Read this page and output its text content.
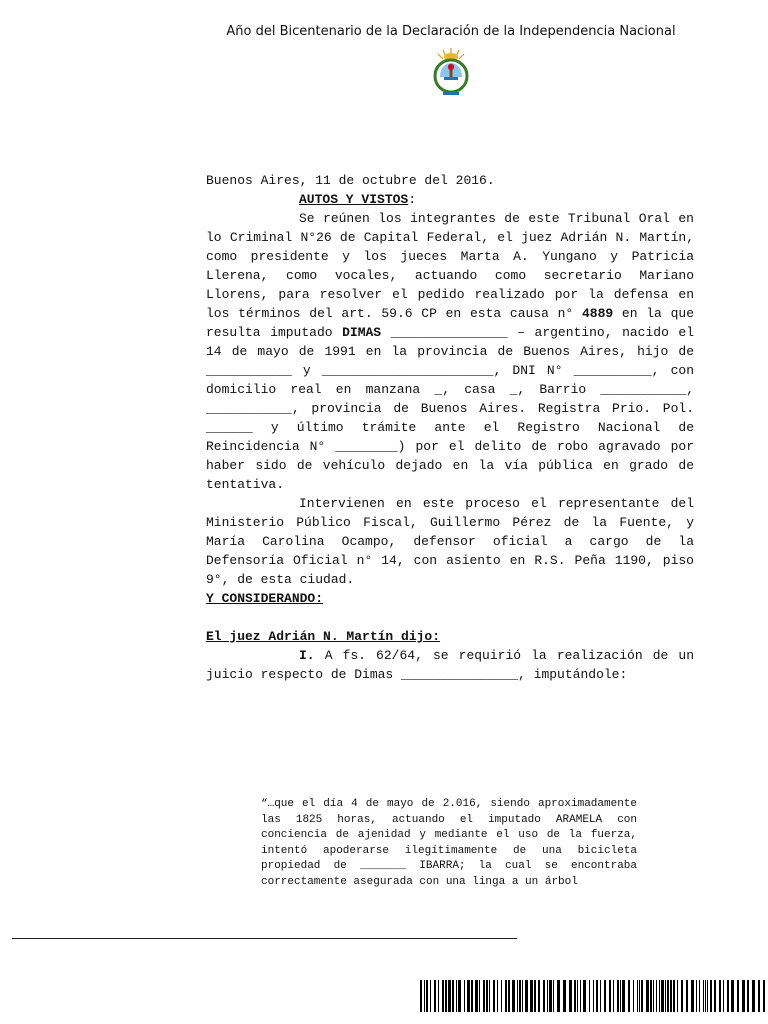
Año del Bicentenario de la Declaración de la Independencia Nacional

Buenos Aires, 11 de octubre del 2016.

AUTOS Y VISTOS:

Se reúnen los integrantes de este Tribunal Oral en lo Criminal N°26 de Capital Federal, el juez Adrián N. Martín, como presidente y los jueces Marta A. Yungano y Patricia Llerena, como vocales, actuando como secretario Mariano Llorens, para resolver el pedido realizado por la defensa en los términos del art. 59.6 CP en esta causa n° 4889 en la que resulta imputado DIMAS _______________ – argentino, nacido el 14 de mayo de 1991 en la provincia de Buenos Aires, hijo de ___________ y ______________________, DNI N° __________, con domicilio real en manzana _, casa _, Barrio ___________, ___________, provincia de Buenos Aires. Registra Prio. Pol. ______ y último trámite ante el Registro Nacional de Reincidencia N° ________) por el delito de robo agravado por haber sido de vehículo dejado en la vía pública en grado de tentativa.

Intervienen en este proceso el representante del Ministerio Público Fiscal, Guillermo Pérez de la Fuente, y María Carolina Ocampo, defensor oficial a cargo de la Defensoría Oficial n° 14, con asiento en R.S. Peña 1190, piso 9°, de esta ciudad.

Y CONSIDERANDO:

El juez Adrián N. Martín dijo:

I. A fs. 62/64, se requirió la realización de un juicio respecto de Dimas _______________, imputándole:

“…que el día 4 de mayo de 2.016, siendo aproximadamente las 1825 horas, actuando el imputado ARAMELA con conciencia de ajenidad y mediante el uso de la fuerza, intentó apoderarse ilegítimamente de una bicicleta propiedad de _______ IBARRA; la cual se encontraba correctamente asegurada con una linga a un árbol
